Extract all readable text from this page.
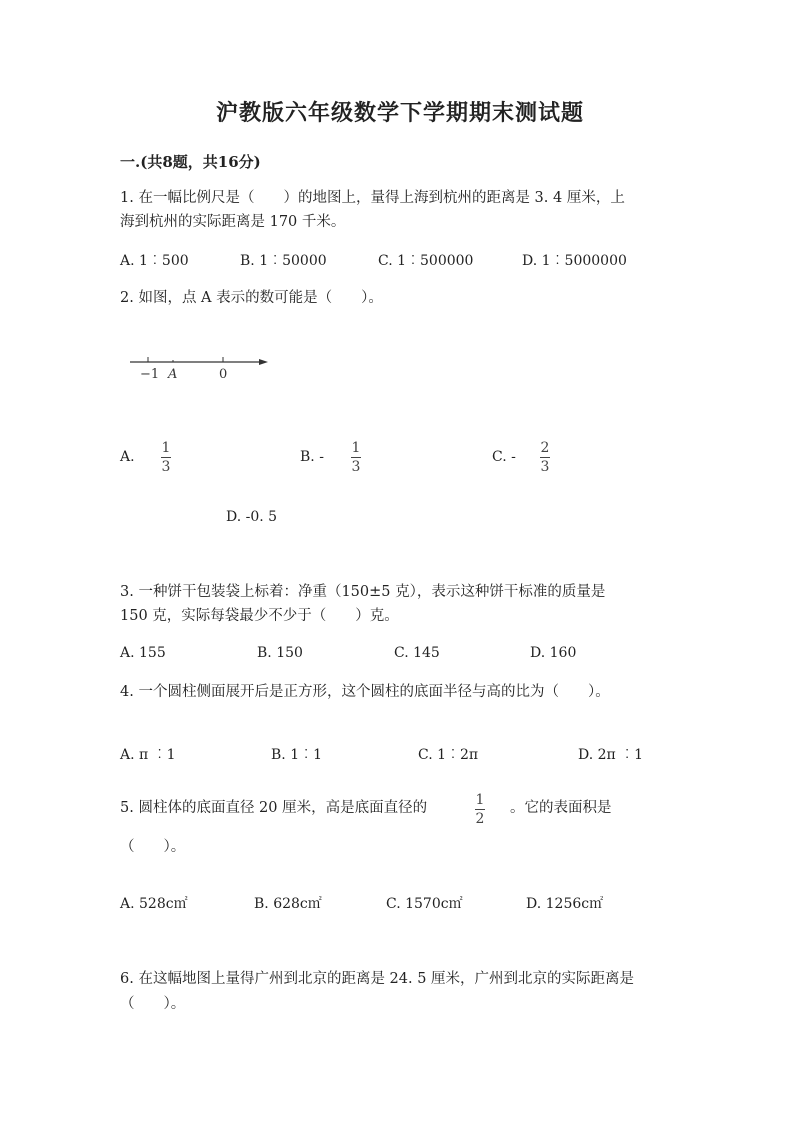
沪教版六年级数学下学期期末测试题
一.(共8题，共16分)
1. 在一幅比例尺是（　　）的地图上，量得上海到杭州的距离是 3. 4 厘米，上
海到杭州的实际距离是 170 千米。
A. 1︰500	B. 1︰50000	C. 1︰500000	D. 1︰5000000
2. 如图，点 A 表示的数可能是（　　）。
−1 A	0
A.
1
3
B. -
1
3
C. -
2
3
D. -0. 5
3. 一种饼干包装袋上标着：净重（150±5 克），表示这种饼干标准的质量是
150 克，实际每袋最少不少于（　　）克。
A. 155	B. 150	C. 145	D. 160
4. 一个圆柱侧面展开后是正方形，这个圆柱的底面半径与高的比为（　　）。
A. π ︰1	B. 1︰1	C. 1︰2π	D. 2π ︰1
5. 圆柱体的底面直径 20 厘米，高是底面直径的	1
2
。它的表面积是
（　　）。
A. 528c㎡	B. 628c㎡	C. 1570c㎡	D. 1256c㎡
6. 在这幅地图上量得广州到北京的距离是 24. 5 厘米，广州到北京的实际距离是
（　　）。
